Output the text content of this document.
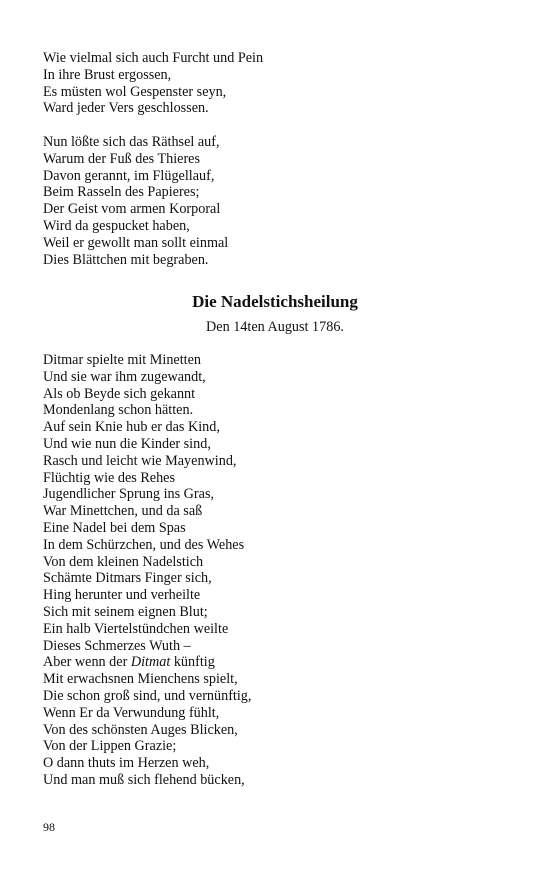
Wie vielmal sich auch Furcht und Pein
In ihre Brust ergossen,
Es müsten wol Gespenster seyn,
Ward jeder Vers geschlossen.
Nun lößte sich das Räthsel auf,
Warum der Fuß des Thieres
Davon gerannt, im Flügellauf,
Beim Rasseln des Papieres;
Der Geist vom armen Korporal
Wird da gespucket haben,
Weil er gewollt man sollt einmal
Dies Blättchen mit begraben.
Die Nadelstichsheilung

Den 14ten August 1786.

Ditmar spielte mit Minetten
Und sie war ihm zugewandt,
Als ob Beyde sich gekannt
Mondenlang schon hätten.
Auf sein Knie hub er das Kind,
Und wie nun die Kinder sind,
Rasch und leicht wie Mayenwind,
Flüchtig wie des Rehes
Jugendlicher Sprung ins Gras,
War Minettchen, und da saß
Eine Nadel bei dem Spas
In dem Schürzchen, und des Wehes
Von dem kleinen Nadelstich
Schämte Ditmars Finger sich,
Hing herunter und verheilte
Sich mit seinem eignen Blut;
Ein halb Viertelstündchen weilte
Dieses Schmerzes Wuth –
Aber wenn der Ditmat künftig
Mit erwachsnen Mienchens spielt,
Die schon groß sind, und vernünftig,
Wenn Er da Verwundung fühlt,
Von des schönsten Auges Blicken,
Von der Lippen Grazie;
O dann thuts im Herzen weh,
Und man muß sich flehend bücken,
98
